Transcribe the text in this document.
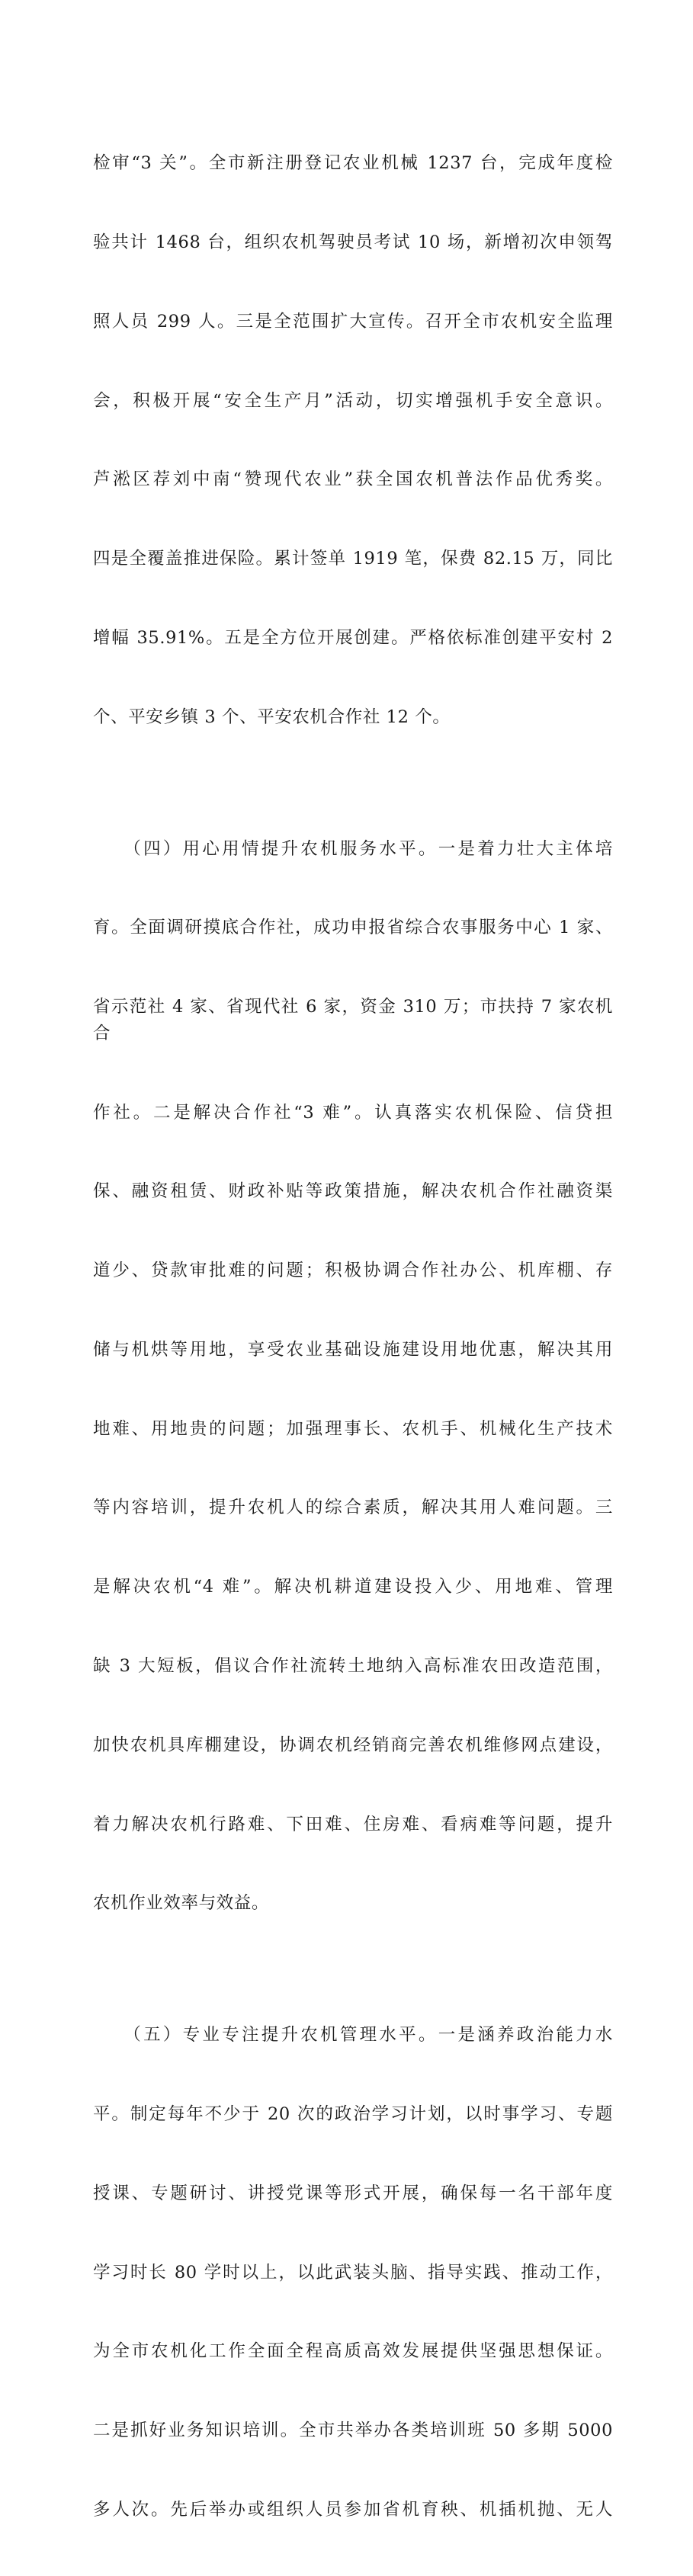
检审“3 关”。全市新注册登记农业机械 1237 台，完成年度检

验共计 1468 台，组织农机驾驶员考试 10 场，新增初次申领驾

照人员 299 人。三是全范围扩大宣传。召开全市农机安全监理

会，积极开展“安全生产月”活动，切实增强机手安全意识。

芦淞区荐刘中南“赞现代农业”获全国农机普法作品优秀奖。

四是全覆盖推进保险。累计签单 1919 笔，保费 82.15 万，同比

增幅 35.91%。五是全方位开展创建。严格依标准创建平安村 2

个、平安乡镇 3 个、平安农机合作社 12 个。

　　（四）用心用情提升农机服务水平。一是着力壮大主体培

育。全面调研摸底合作社，成功申报省综合农事服务中心 1 家、

省示范社 4 家、省现代社 6 家，资金 310 万；市扶持 7 家农机合

作社。二是解决合作社“3 难”。认真落实农机保险、信贷担

保、融资租赁、财政补贴等政策措施，解决农机合作社融资渠

道少、贷款审批难的问题；积极协调合作社办公、机库棚、存

储与机烘等用地，享受农业基础设施建设用地优惠，解决其用

地难、用地贵的问题；加强理事长、农机手、机械化生产技术

等内容培训，提升农机人的综合素质，解决其用人难问题。三

是解决农机“4 难”。解决机耕道建设投入少、用地难、管理

缺 3 大短板，倡议合作社流转土地纳入高标准农田改造范围，

加快农机具库棚建设，协调农机经销商完善农机维修网点建设，

着力解决农机行路难、下田难、住房难、看病难等问题，提升

农机作业效率与效益。

　　（五）专业专注提升农机管理水平。一是涵养政治能力水

平。制定每年不少于 20 次的政治学习计划，以时事学习、专题

授课、专题研讨、讲授党课等形式开展，确保每一名干部年度

学习时长 80 学时以上，以此武装头脑、指导实践、推动工作，

为全市农机化工作全面全程高质高效发展提供坚强思想保证。

二是抓好业务知识培训。全市共举办各类培训班 50 多期 5000

多人次。先后举办或组织人员参加省机育秧、机插机抛、无人
